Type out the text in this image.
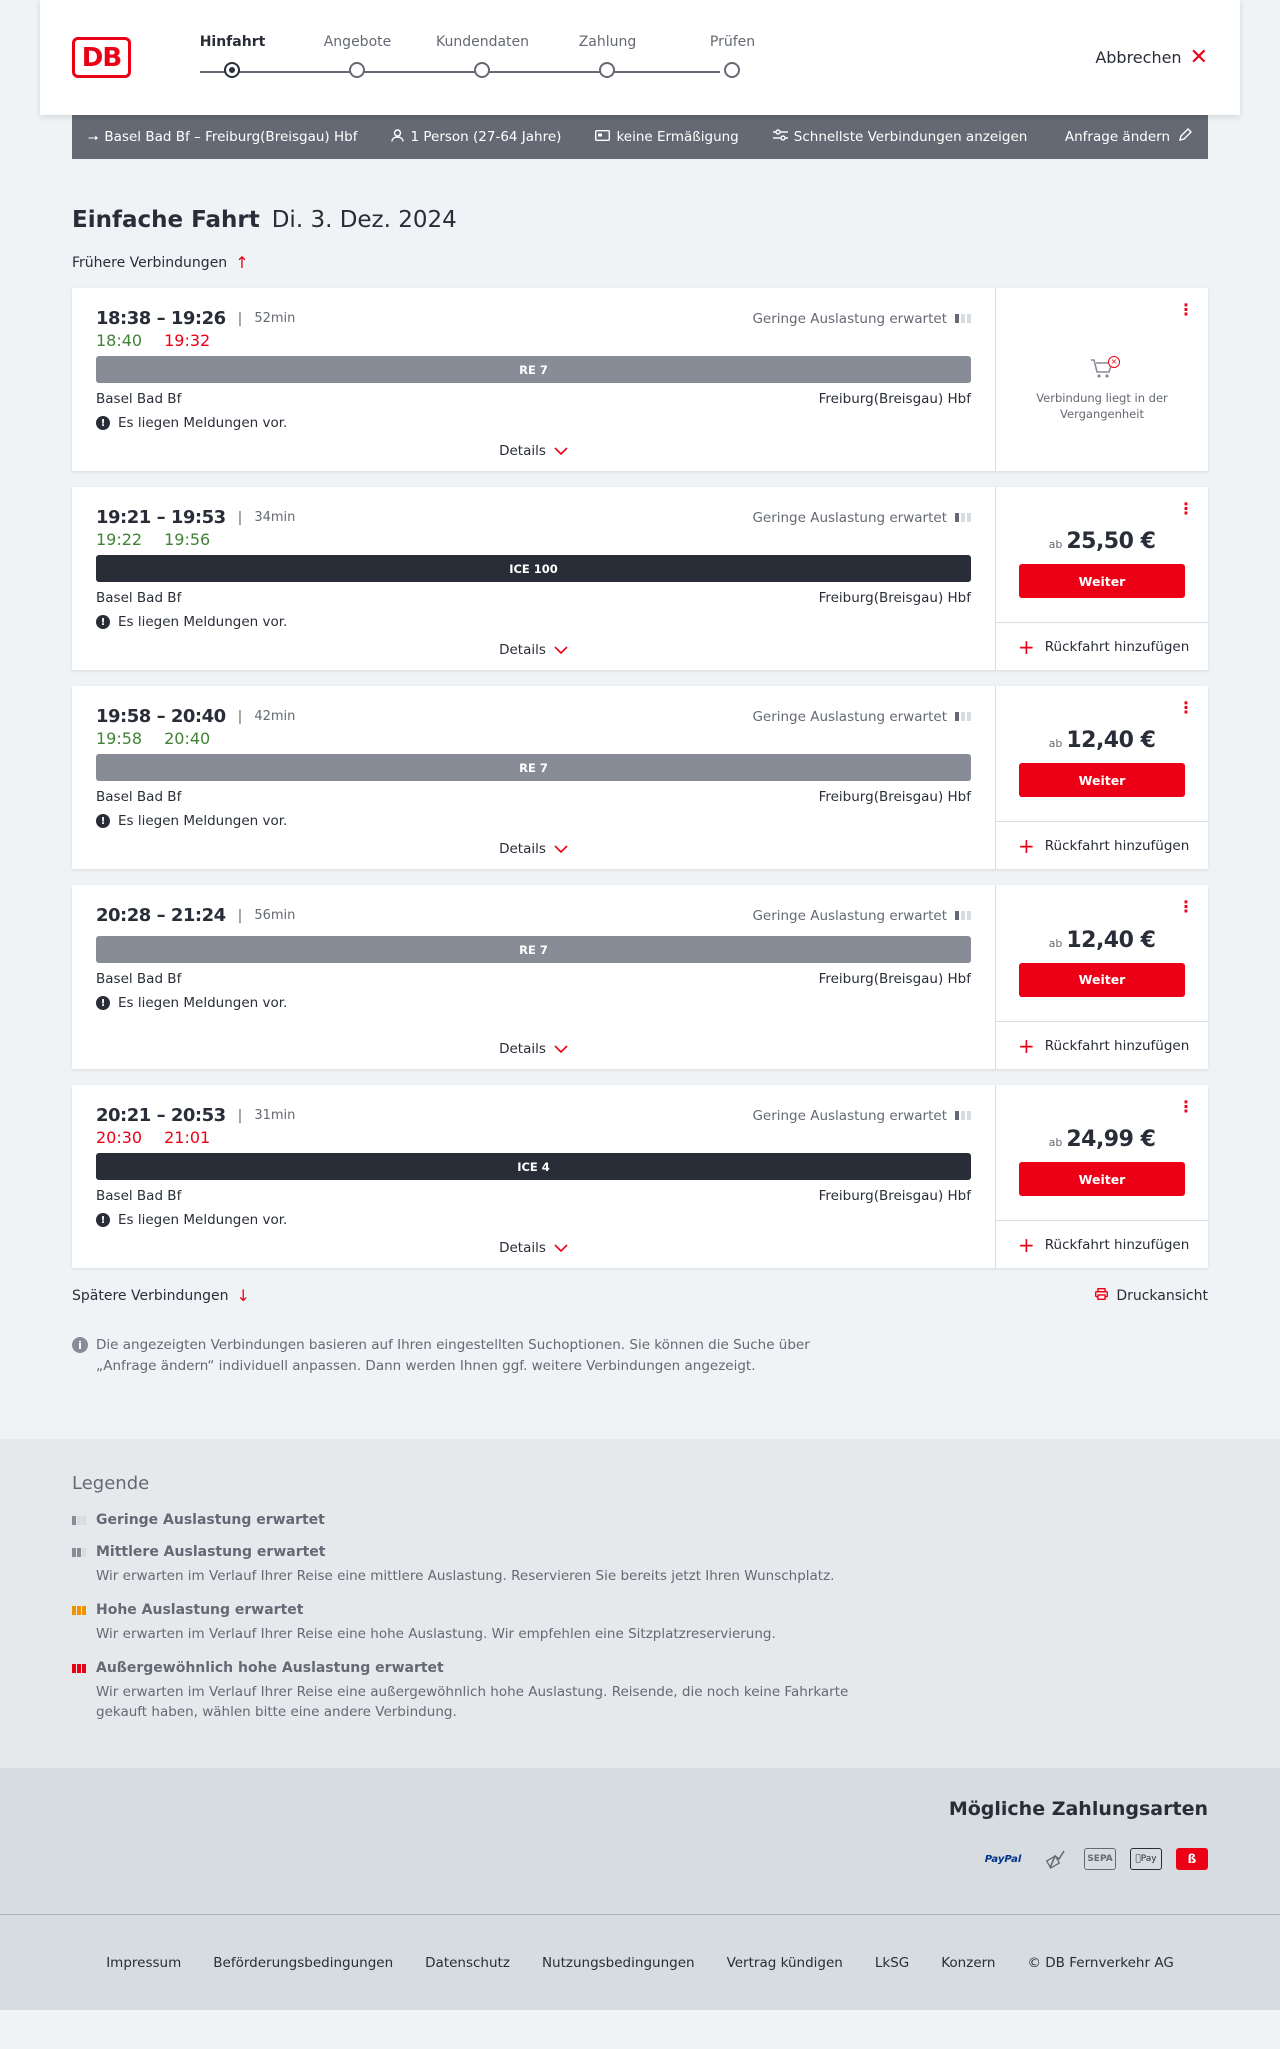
DB
Hinfahrt	Angebote	Kundendaten	Zahlung	Prüfen
Abbrechen ✕
⭢ Basel Bad Bf – Freiburg(Breisgau) Hbf	1 Person (27-64 Jahre)	keine Ermäßigung	Schnellste Verbindungen anzeigen	Anfrage ändern
Einfache Fahrt Di. 3. Dez. 2024
Frühere Verbindungen ↑
18:38 – 19:26 | 52min	Geringe Auslastung erwartet
18:40 19:32
RE 7
Basel Bad Bf	Freiburg(Breisgau) Hbf
! Es liegen Meldungen vor.
Details
⋮
×
Verbindung liegt in der Vergangenheit
19:21 – 19:53 | 34min	Geringe Auslastung erwartet
19:22 19:56
ICE 100
Basel Bad Bf	Freiburg(Breisgau) Hbf
! Es liegen Meldungen vor.
Details
⋮
ab 25,50 €
Weiter
+ Rückfahrt hinzufügen
19:58 – 20:40 | 42min	Geringe Auslastung erwartet
19:58 20:40
RE 7
Basel Bad Bf	Freiburg(Breisgau) Hbf
! Es liegen Meldungen vor.
Details
⋮
ab 12,40 €
Weiter
+ Rückfahrt hinzufügen
20:28 – 21:24 | 56min	Geringe Auslastung erwartet
RE 7
Basel Bad Bf	Freiburg(Breisgau) Hbf
! Es liegen Meldungen vor.
Details
⋮
ab 12,40 €
Weiter
+ Rückfahrt hinzufügen
20:21 – 20:53 | 31min	Geringe Auslastung erwartet
20:30 21:01
ICE 4
Basel Bad Bf	Freiburg(Breisgau) Hbf
! Es liegen Meldungen vor.
Details
⋮
ab 24,99 €
Weiter
+ Rückfahrt hinzufügen
Spätere Verbindungen ↓	Druckansicht
i	Die angezeigten Verbindungen basieren auf Ihren eingestellten Suchoptionen. Sie können die Suche über „Anfrage ändern“ individuell anpassen. Dann werden Ihnen ggf. weitere Verbindungen angezeigt.
Legende
Geringe Auslastung erwartet
Mittlere Auslastung erwartet
Wir erwarten im Verlauf Ihrer Reise eine mittlere Auslastung. Reservieren Sie bereits jetzt Ihren Wunschplatz.
Hohe Auslastung erwartet
Wir erwarten im Verlauf Ihrer Reise eine hohe Auslastung. Wir empfehlen eine Sitzplatzreservierung.
Außergewöhnlich hohe Auslastung erwartet
Wir erwarten im Verlauf Ihrer Reise eine außergewöhnlich hohe Auslastung. Reisende, die noch keine Fahrkarte gekauft haben, wählen bitte eine andere Verbindung.
Mögliche Zahlungsarten
PayPal	SEPA	Pay	ß
Impressum Beförderungsbedingungen Datenschutz Nutzungsbedingungen Vertrag kündigen LkSG Konzern © DB Fernverkehr AG
